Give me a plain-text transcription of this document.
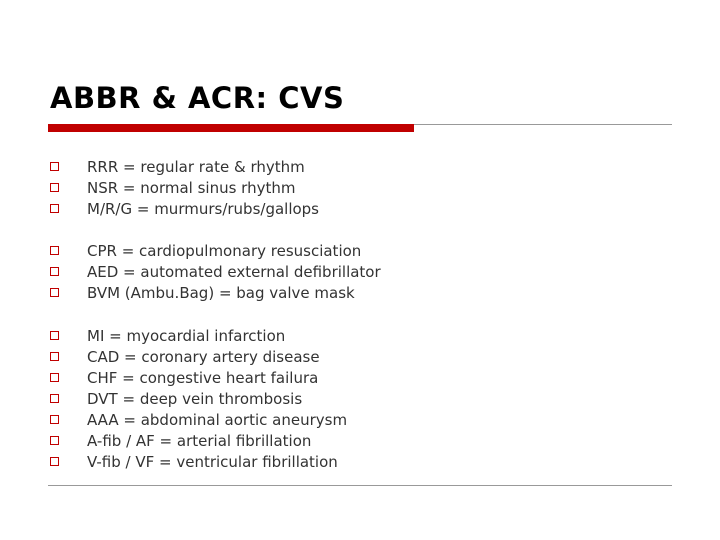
ABBR & ACR: CVS
RRR = regular rate & rhythm
NSR = normal sinus rhythm
M/R/G = murmurs/rubs/gallops
CPR = cardiopulmonary resusciation
AED = automated external defibrillator
BVM (Ambu.Bag) = bag valve mask
MI = myocardial infarction
CAD = coronary artery disease
CHF = congestive heart failura
DVT = deep vein thrombosis
AAA = abdominal aortic aneurysm
A-fib / AF = arterial fibrillation
V-fib / VF = ventricular fibrillation
